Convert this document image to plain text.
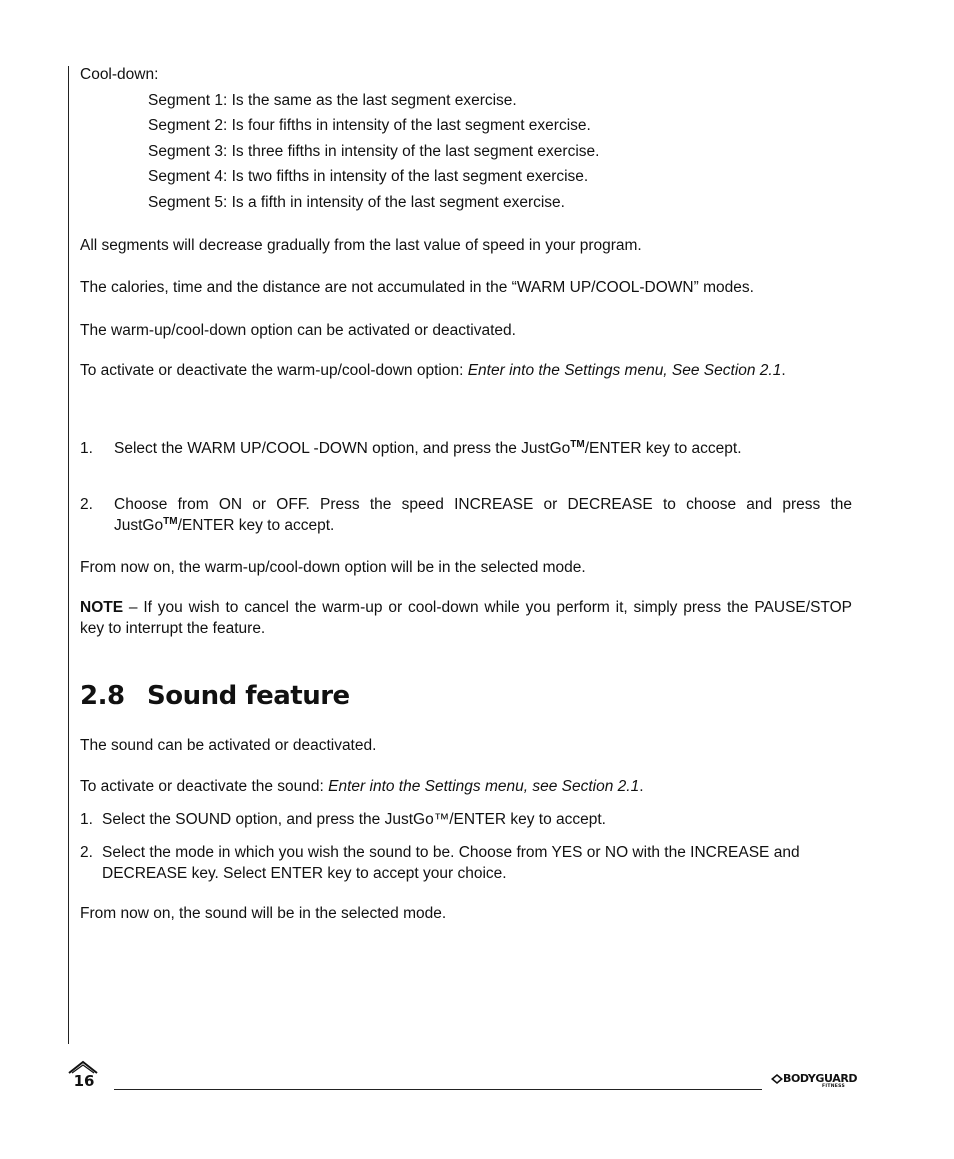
Cool-down:
Segment 1: Is the same as the last segment exercise.
Segment 2: Is four fifths in intensity of the last segment exercise.
Segment 3: Is three fifths in intensity of the last segment exercise.
Segment 4: Is two fifths in intensity of the last segment exercise.
Segment 5: Is a fifth in intensity of the last segment exercise.
All segments will decrease gradually from the last value of speed in your program.
The calories, time and the distance are not accumulated in the “WARM UP/COOL-DOWN” modes.
The warm-up/cool-down option can be activated or deactivated.
To activate or deactivate the warm-up/cool-down option: Enter into the Settings menu, See Section 2.1.
1. Select the WARM UP/COOL -DOWN option, and press the JustGo™/ENTER key to accept.
2. Choose from ON or OFF. Press the speed INCREASE or DECREASE to choose and press the JustGo™/ENTER key to accept.
From now on, the warm-up/cool-down option will be in the selected mode.
NOTE – If you wish to cancel the warm-up or cool-down while you perform it, simply press the PAUSE/STOP key to interrupt the feature.
2.8 Sound feature
The sound can be activated or deactivated.
To activate or deactivate the sound: Enter into the Settings menu, see Section 2.1.
1. Select the SOUND option, and press the JustGo™/ENTER key to accept.
2. Select the mode in which you wish the sound to be. Choose from YES or NO with the INCREASE and DECREASE key. Select ENTER key to accept your choice.
From now on, the sound will be in the selected mode.
16	BODYGUARD
FITNESS
